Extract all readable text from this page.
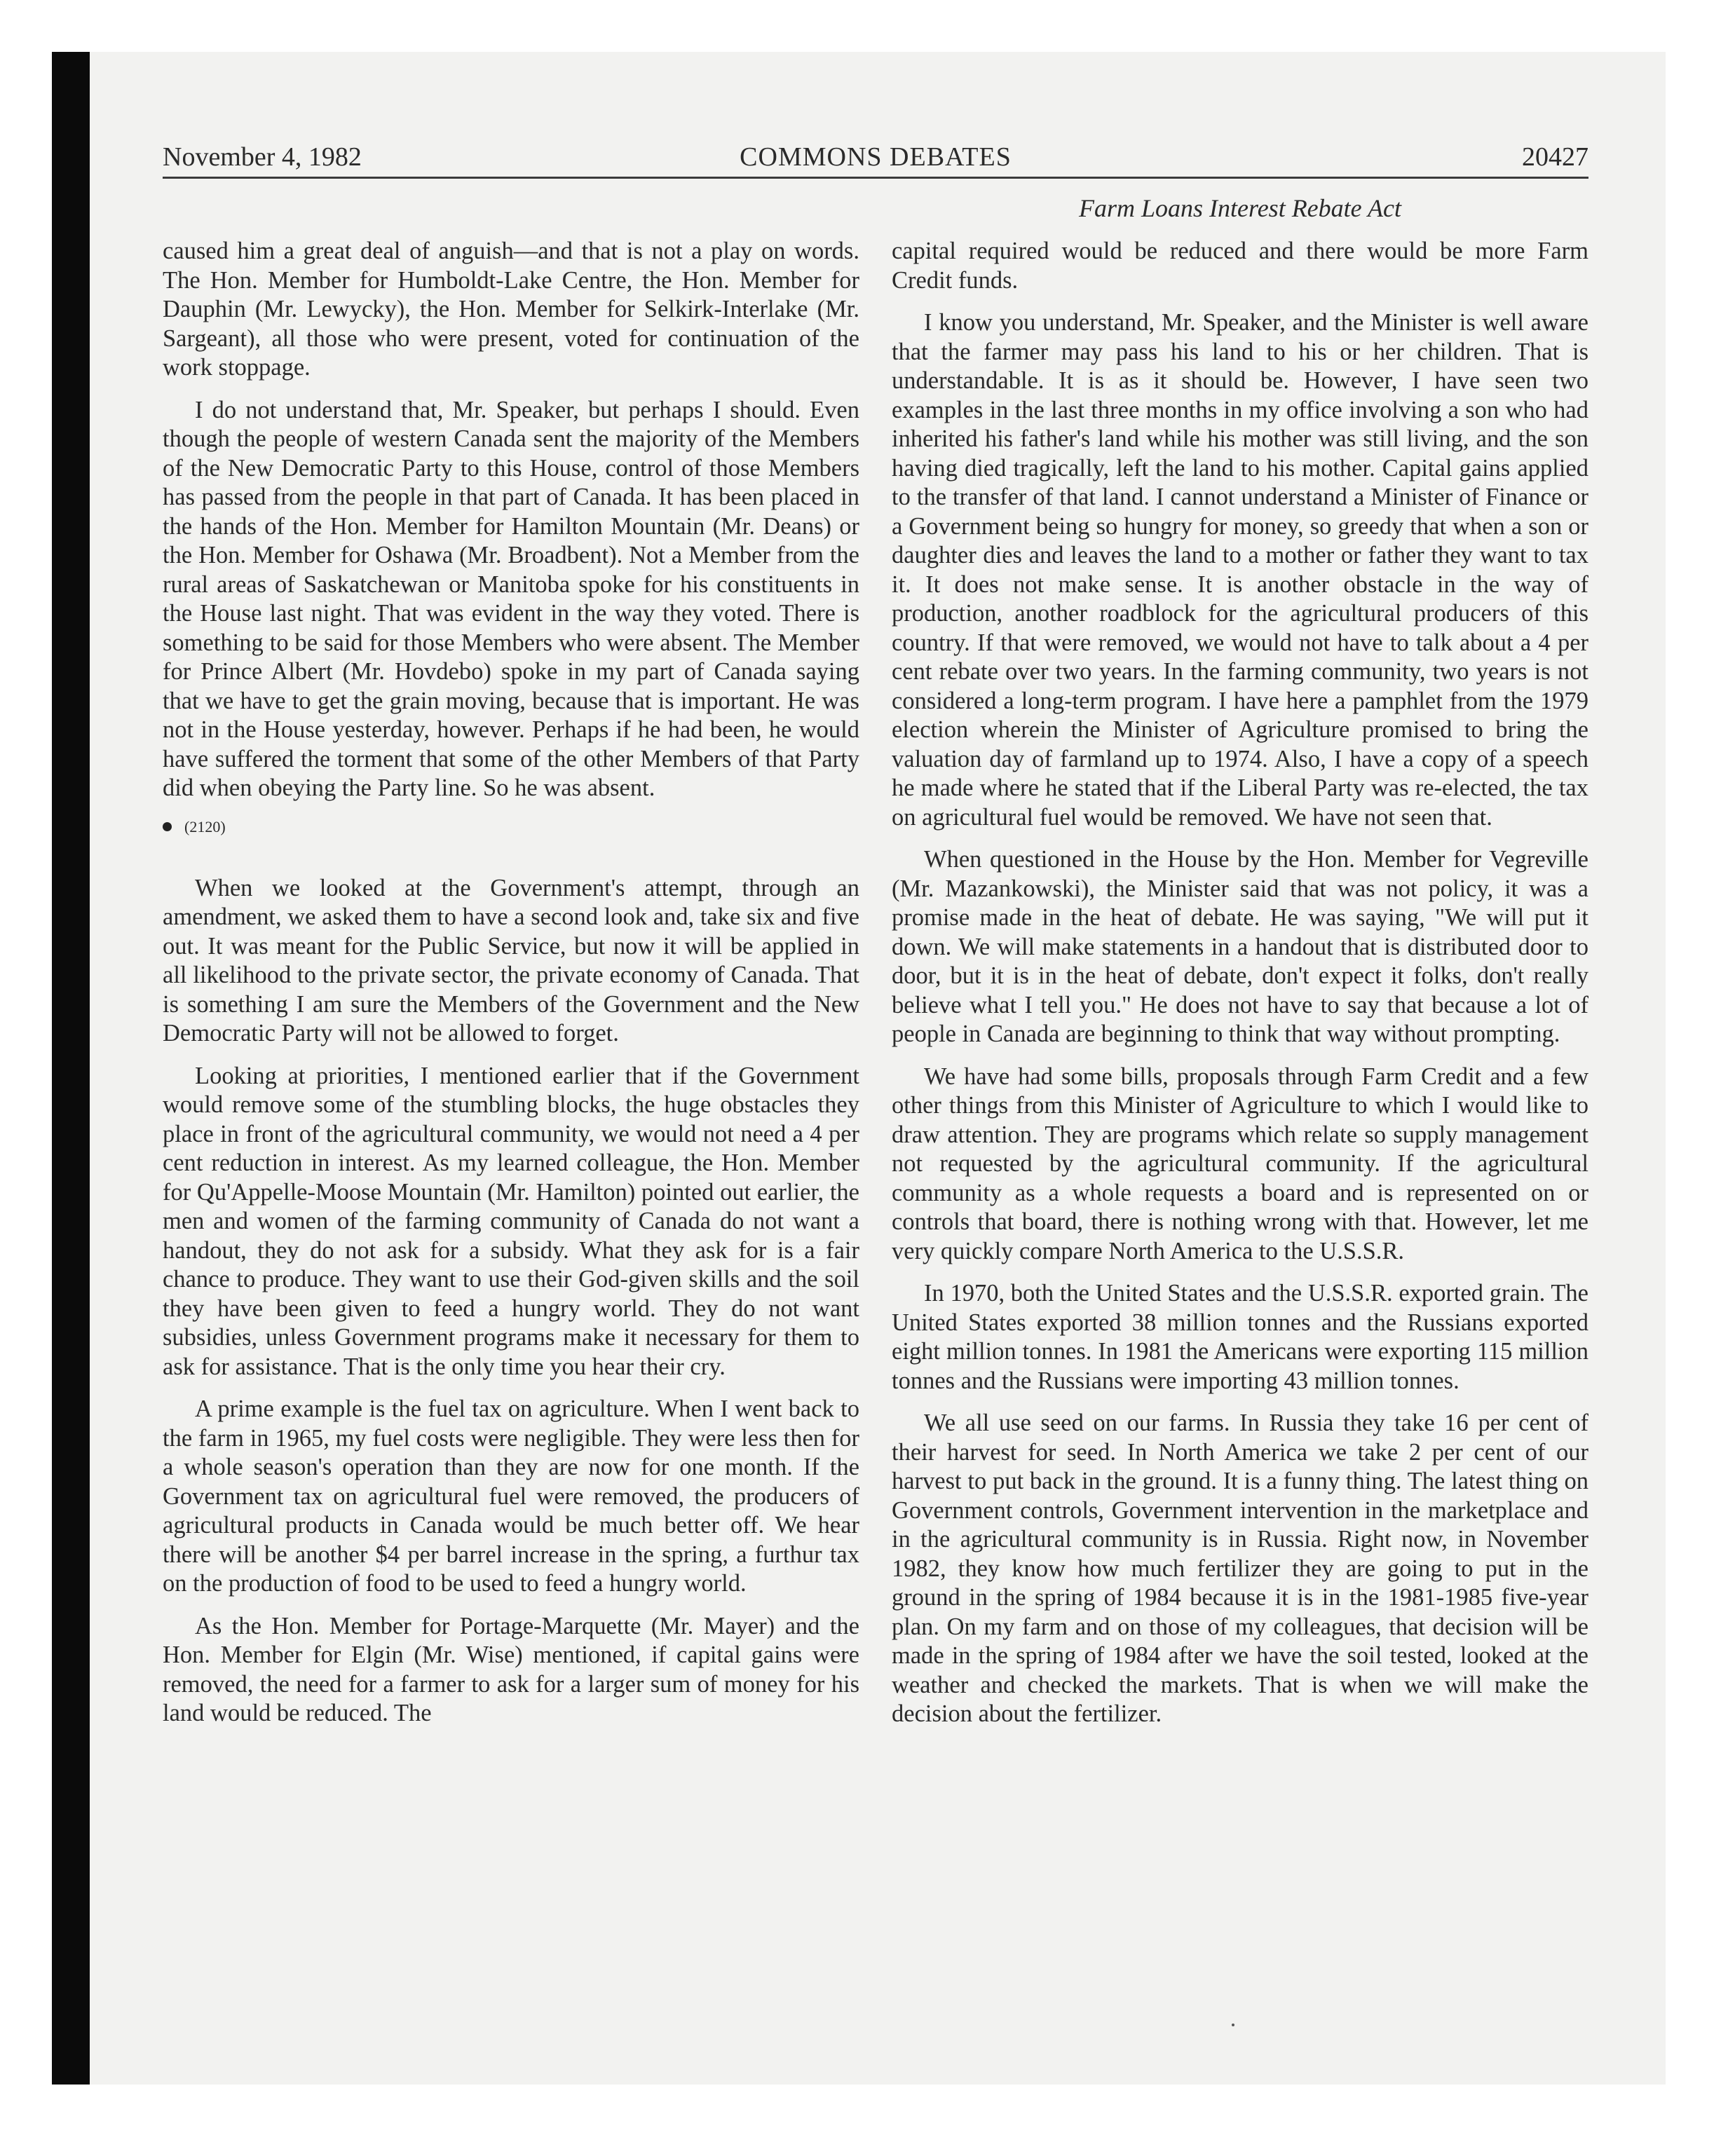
November 4, 1982	COMMONS DEBATES	20427
Farm Loans Interest Rebate Act

caused him a great deal of anguish—and that is not a play on words. The Hon. Member for Humboldt-Lake Centre, the Hon. Member for Dauphin (Mr. Lewycky), the Hon. Member for Selkirk-Interlake (Mr. Sargeant), all those who were present, voted for continuation of the work stoppage.

I do not understand that, Mr. Speaker, but perhaps I should. Even though the people of western Canada sent the majority of the Members of the New Democratic Party to this House, control of those Members has passed from the people in that part of Canada. It has been placed in the hands of the Hon. Member for Hamilton Mountain (Mr. Deans) or the Hon. Member for Oshawa (Mr. Broadbent). Not a Member from the rural areas of Saskatchewan or Manitoba spoke for his constituents in the House last night. That was evident in the way they voted. There is something to be said for those Members who were absent. The Member for Prince Albert (Mr. Hovdebo) spoke in my part of Canada saying that we have to get the grain moving, because that is important. He was not in the House yesterday, however. Perhaps if he had been, he would have suffered the torment that some of the other Members of that Party did when obeying the Party line. So he was absent.

(2120)

When we looked at the Government's attempt, through an amendment, we asked them to have a second look and, take six and five out. It was meant for the Public Service, but now it will be applied in all likelihood to the private sector, the private economy of Canada. That is something I am sure the Members of the Government and the New Democratic Party will not be allowed to forget.

Looking at priorities, I mentioned earlier that if the Government would remove some of the stumbling blocks, the huge obstacles they place in front of the agricultural community, we would not need a 4 per cent reduction in interest. As my learned colleague, the Hon. Member for Qu'Appelle-Moose Mountain (Mr. Hamilton) pointed out earlier, the men and women of the farming community of Canada do not want a handout, they do not ask for a subsidy. What they ask for is a fair chance to produce. They want to use their God-given skills and the soil they have been given to feed a hungry world. They do not want subsidies, unless Government programs make it necessary for them to ask for assistance. That is the only time you hear their cry.

A prime example is the fuel tax on agriculture. When I went back to the farm in 1965, my fuel costs were negligible. They were less then for a whole season's operation than they are now for one month. If the Government tax on agricultural fuel were removed, the producers of agricultural products in Canada would be much better off. We hear there will be another $4 per barrel increase in the spring, a furthur tax on the production of food to be used to feed a hungry world.

As the Hon. Member for Portage-Marquette (Mr. Mayer) and the Hon. Member for Elgin (Mr. Wise) mentioned, if capital gains were removed, the need for a farmer to ask for a larger sum of money for his land would be reduced. The

capital required would be reduced and there would be more Farm Credit funds.

I know you understand, Mr. Speaker, and the Minister is well aware that the farmer may pass his land to his or her children. That is understandable. It is as it should be. However, I have seen two examples in the last three months in my office involving a son who had inherited his father's land while his mother was still living, and the son having died tragically, left the land to his mother. Capital gains applied to the transfer of that land. I cannot understand a Minister of Finance or a Government being so hungry for money, so greedy that when a son or daughter dies and leaves the land to a mother or father they want to tax it. It does not make sense. It is another obstacle in the way of production, another roadblock for the agricultural producers of this country. If that were removed, we would not have to talk about a 4 per cent rebate over two years. In the farming community, two years is not considered a long-term program. I have here a pamphlet from the 1979 election wherein the Minister of Agriculture promised to bring the valuation day of farmland up to 1974. Also, I have a copy of a speech he made where he stated that if the Liberal Party was re-elected, the tax on agricultural fuel would be removed. We have not seen that.

When questioned in the House by the Hon. Member for Vegreville (Mr. Mazankowski), the Minister said that was not policy, it was a promise made in the heat of debate. He was saying, "We will put it down. We will make statements in a handout that is distributed door to door, but it is in the heat of debate, don't expect it folks, don't really believe what I tell you." He does not have to say that because a lot of people in Canada are beginning to think that way without prompting.

We have had some bills, proposals through Farm Credit and a few other things from this Minister of Agriculture to which I would like to draw attention. They are programs which relate so supply management not requested by the agricultural community. If the agricultural community as a whole requests a board and is represented on or controls that board, there is nothing wrong with that. However, let me very quickly compare North America to the U.S.S.R.

In 1970, both the United States and the U.S.S.R. exported grain. The United States exported 38 million tonnes and the Russians exported eight million tonnes. In 1981 the Americans were exporting 115 million tonnes and the Russians were importing 43 million tonnes.

We all use seed on our farms. In Russia they take 16 per cent of their harvest for seed. In North America we take 2 per cent of our harvest to put back in the ground. It is a funny thing. The latest thing on Government controls, Government intervention in the marketplace and in the agricultural community is in Russia. Right now, in November 1982, they know how much fertilizer they are going to put in the ground in the spring of 1984 because it is in the 1981-1985 five-year plan. On my farm and on those of my colleagues, that decision will be made in the spring of 1984 after we have the soil tested, looked at the weather and checked the markets. That is when we will make the decision about the fertilizer.
